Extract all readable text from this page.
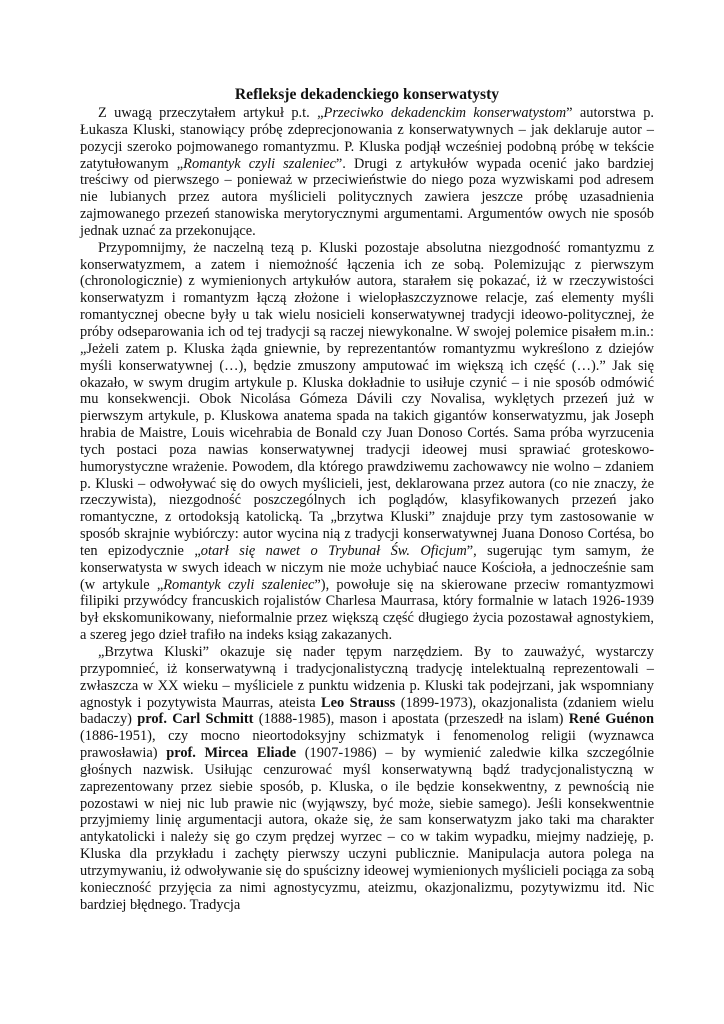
Refleksje dekadenckiego konserwatysty

Z uwagą przeczytałem artykuł p.t. „Przeciwko dekadenckim konserwatystom” autorstwa p. Łukasza Kluski, stanowiący próbę zdeprecjonowania z konserwatywnych – jak deklaruje autor – pozycji szeroko pojmowanego romantyzmu. P. Kluska podjął wcześniej podobną próbę w tekście zatytułowanym „Romantyk czyli szaleniec”. Drugi z artykułów wypada ocenić jako bardziej treściwy od pierwszego – ponieważ w przeciwieństwie do niego poza wyzwiskami pod adresem nie lubianych przez autora myślicieli politycznych zawiera jeszcze próbę uzasadnienia zajmowanego przezeń stanowiska merytorycznymi argumentami. Argumentów owych nie sposób jednak uznać za przekonujące.

Przypomnijmy, że naczelną tezą p. Kluski pozostaje absolutna niezgodność romantyzmu z konserwatyzmem, a zatem i niemożność łączenia ich ze sobą. Polemizując z pierwszym (chronologicznie) z wymienionych artykułów autora, starałem się pokazać, iż w rzeczywistości konserwatyzm i romantyzm łączą złożone i wielopłaszczyznowe relacje, zaś elementy myśli romantycznej obecne były u tak wielu nosicieli konserwatywnej tradycji ideowo-politycznej, że próby odseparowania ich od tej tradycji są raczej niewykonalne. W swojej polemice pisałem m.in.: „Jeżeli zatem p. Kluska żąda gniewnie, by reprezentantów romantyzmu wykreślono z dziejów myśli konserwatywnej (…), będzie zmuszony amputować im większą ich część (…).” Jak się okazało, w swym drugim artykule p. Kluska dokładnie to usiłuje czynić – i nie sposób odmówić mu konsekwencji. Obok Nicolása Gómeza Dávili czy Novalisa, wyklętych przezeń już w pierwszym artykule, p. Kluskowa anatema spada na takich gigantów konserwatyzmu, jak Joseph hrabia de Maistre, Louis wicehrabia de Bonald czy Juan Donoso Cortés. Sama próba wyrzucenia tych postaci poza nawias konserwatywnej tradycji ideowej musi sprawiać groteskowo-humorystyczne wrażenie. Powodem, dla którego prawdziwemu zachowawcy nie wolno – zdaniem p. Kluski – odwoływać się do owych myślicieli, jest, deklarowana przez autora (co nie znaczy, że rzeczywista), niezgodność poszczególnych ich poglądów, klasyfikowanych przezeń jako romantyczne, z ortodoksją katolicką. Ta „brzytwa Kluski” znajduje przy tym zastosowanie w sposób skrajnie wybiórczy: autor wycina nią z tradycji konserwatywnej Juana Donoso Cortésa, bo ten epizodycznie „otarł się nawet o Trybunał Św. Oficjum”, sugerując tym samym, że konserwatysta w swych ideach w niczym nie może uchybiać nauce Kościoła, a jednocześnie sam (w artykule „Romantyk czyli szaleniec”), powołuje się na skierowane przeciw romantyzmowi filipiki przywódcy francuskich rojalistów Charlesa Maurrasa, który formalnie w latach 1926-1939 był ekskomunikowany, nieformalnie przez większą część długiego życia pozostawał agnostykiem, a szereg jego dzieł trafiło na indeks ksiąg zakazanych.

„Brzytwa Kluski” okazuje się nader tępym narzędziem. By to zauważyć, wystarczy przypomnieć, iż konserwatywną i tradycjonalistyczną tradycję intelektualną reprezentowali – zwłaszcza w XX wieku – myśliciele z punktu widzenia p. Kluski tak podejrzani, jak wspomniany agnostyk i pozytywista Maurras, ateista Leo Strauss (1899-1973), okazjonalista (zdaniem wielu badaczy) prof. Carl Schmitt (1888-1985), mason i apostata (przeszedł na islam) René Guénon (1886-1951), czy mocno nieortodoksyjny schizmatyk i fenomenolog religii (wyznawca prawosławia) prof. Mircea Eliade (1907-1986) – by wymienić zaledwie kilka szczególnie głośnych nazwisk. Usiłując cenzurować myśl konserwatywną bądź tradycjonalistyczną w zaprezentowany przez siebie sposób, p. Kluska, o ile będzie konsekwentny, z pewnością nie pozostawi w niej nic lub prawie nic (wyjąwszy, być może, siebie samego). Jeśli konsekwentnie przyjmiemy linię argumentacji autora, okaże się, że sam konserwatyzm jako taki ma charakter antykatolicki i należy się go czym prędzej wyrzec – co w takim wypadku, miejmy nadzieję, p. Kluska dla przykładu i zachęty pierwszy uczyni publicznie. Manipulacja autora polega na utrzymywaniu, iż odwoływanie się do spuścizny ideowej wymienionych myślicieli pociąga za sobą konieczność przyjęcia za nimi agnostycyzmu, ateizmu, okazjonalizmu, pozytywizmu itd. Nic bardziej błędnego. Tradycja
